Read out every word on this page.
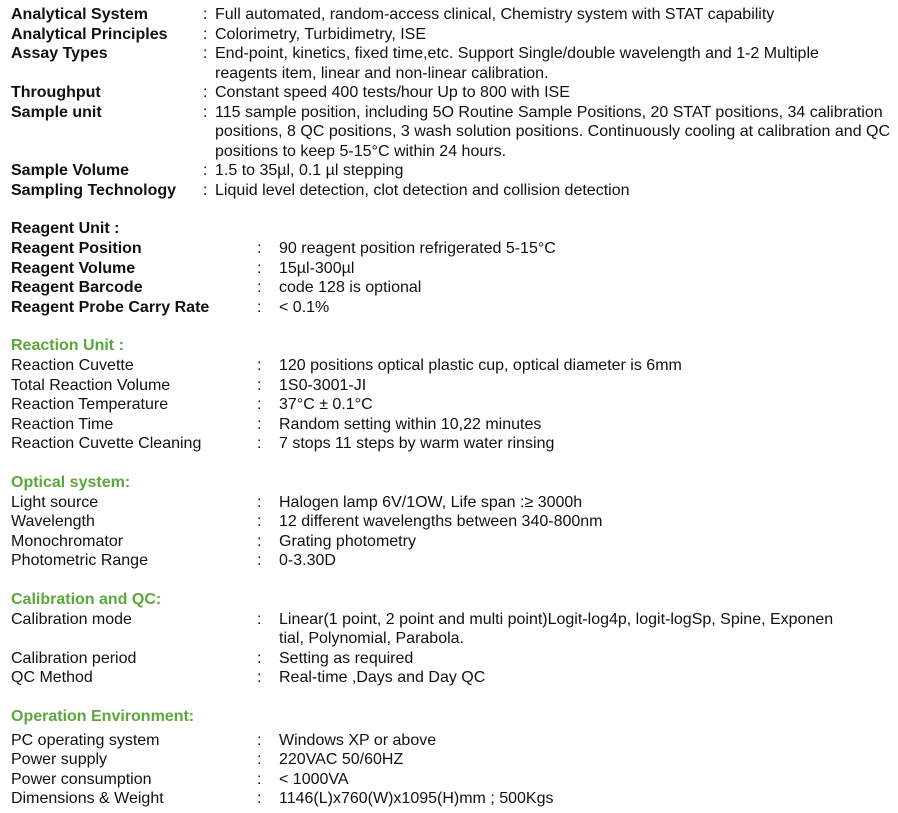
Analytical System	: Full automated, random-access clinical, Chemistry system with STAT capability
Analytical Principles	: Colorimetry, Turbidimetry, ISE
Assay Types	: End-point, kinetics, fixed time,etc. Support Single/double wavelength and 1-2 Multiple reagents item, linear and non-linear calibration.
Throughput	: Constant speed 400 tests/hour Up to 800 with ISE
Sample unit	: 115 sample position, including 5O Routine Sample Positions, 20 STAT positions, 34 calibration positions, 8 QC positions, 3 wash solution positions. Continuously cooling at calibration and QC positions to keep 5-15°C within 24 hours.
Sample Volume	: 1.5 to 35µl, 0.1 µl stepping
Sampling Technology	: Liquid level detection, clot detection and collision detection
Reagent Unit :
Reagent Position	:	90 reagent position refrigerated 5-15°C
Reagent Volume	:	15µl-300µl
Reagent Barcode	:	code 128 is optional
Reagent Probe Carry Rate	:	< 0.1%
Reaction Unit :
Reaction Cuvette	:	120 positions optical plastic cup, optical diameter is 6mm
Total Reaction Volume	:	1S0-3001-JI
Reaction Temperature	:	37°C ± 0.1°C
Reaction Time	:	Random setting within 10,22 minutes
Reaction Cuvette Cleaning	:	7 stops 11 steps by warm water rinsing
Optical system:
Light source	:	Halogen lamp 6V/1OW, Life span :≥ 3000h
Wavelength	:	12 different wavelengths between 340-800nm
Monochromator	:	Grating photometry
Photometric Range	:	0-3.30D
Calibration and QC:
Calibration mode	:	Linear(1 point, 2 point and multi point)Logit-log4p, logit-logSp, Spine, Exponen tial, Polynomial, Parabola.
Calibration period	:	Setting as required
QC Method	:	Real-time ,Days and Day QC
Operation Environment:
PC operating system	:	Windows XP or above
Power supply	:	220VAC 50/60HZ
Power consumption	:	< 1000VA
Dimensions & Weight	:	1146(L)x760(W)x1095(H)mm ; 500Kgs
